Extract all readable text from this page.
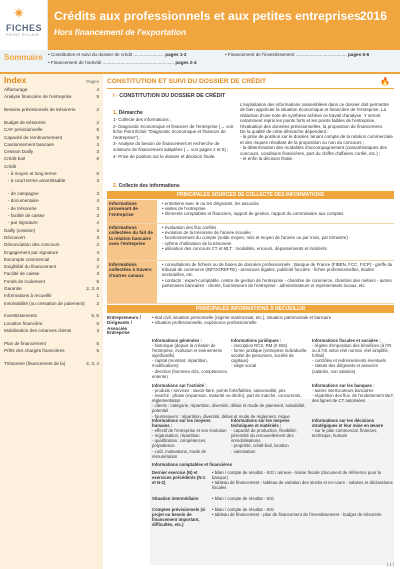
✷
FICHES
POINT ÉCLAIR
Crédits aux professionnels et aux petites entreprises 2016
Hors financement de l'exportation
Sommaire • Constitution et suivi du dossier de crédit ........................ pages 1-2
• Financement de l'activité ........................................................ pages 2-4
• Financement de l'investissement ........................................ pages 5-6
Index	Pages
Affacturage	4
Analyse financière de l'entreprise	5
Besoins prévisionnels de trésorerie	2
Budget de trésorerie	2
CAF prévisionnelle	5
Capacité de remboursement	5
Cautionnement bancaire	4
Cession Dailly	3
Crédit-bail	6
Crédit
- à moyen et long terme	6
- à court terme amortissable	3
- de campagne	3
- documentaire	4
- de trésorerie	3
- facilité de caisse	3
- par signature	4
Dailly (cession)	3
Découvert	3
Dénonciation des concours	2
Engagement par signature	4
Escompte commercial	3
Exigibilité du financement	2
Facilité de caisse	3
Fonds de roulement	5
Garantie	2, 3, 6
Informations à recueillir	1
Insolvabilité (ou cessation de paiement)	2
Investissements	5, 6
Location financière	6
Mobilisation des créances clients	3
Plan de financement	5
Prêts des chargés financières	5
Trésorerie (financement de la)	2, 3, 4
CONSTITUTION ET SUIVI DU DOSSIER DE CRÉDIT	🔥
I - CONSTITUTION DU DOSSIER DE CRÉDIT
1. Démarche
1- Collecte des informations ;
2- Diagnostic économique et financier de l'entreprise (→ voir fiche Point Éclair "Diagnostic économique et financier de l'entreprise") ;
3- Analyse du besoin de financement et recherche de solutions de financement adaptées (→ voir pages 2 et 5) ;
4- Prise de position sur le dossier et décision finale.
L'exploitation des informations rassemblées dans ce dossier doit permettre de bien apprécier la situation économique et financière de l'entreprise. La rédaction d'une note de synthèse achève ce travail d'analyse. Y seront notamment repris les points forts et les points faibles de l'entreprise, l'évaluation des données prévisionnelles, la proposition de financement.
De la qualité de cette démarche dépendent :
- la prise de position sur le dossier, tenant compte de la relation commerciale et des risques résultant de la proposition ou non du concours ;
- la détermination des modalités d'accompagnement (caractéristiques des concours, conditions financières, part du chiffre d'affaires confié, etc.) ;
- et enfin la décision finale.
2. Collecte des informations
PRINCIPALES SOURCES DE COLLECTE DES INFORMATIONS
Informations provenant de l'entreprise
• entretiens avec le ou les dirigeants, les associés
• visites de l'entreprise
• éléments comptables et financiers, rapport de gestion, rapport du commissaire aux comptes
Informations collectées du fait de la relation bancaire avec l'entreprise
• évaluation des flux confiés
• évolution de la trésorerie de l'année écoulée :
- fonctionnement du compte (solde moyen, mini et moyen de l'année ou par mois, par trimestre)
- rythme d'utilisation de la trésorerie
• utilisation des concours CT et MLT : modalités, encours, dépassements et incidents
Informations collectées à travers d'autres canaux
• consultations de fichiers ou de bases de données professionnels : Banque de France (FIBEN, FCC, FICP) - greffe du tribunal de commerce (INFOGREFFE) - annonces légales, publicité foncière - fiches professionnelles, études sectorielles, etc.
• contacts : expert-comptable, centre de gestion de l'entreprise - chambre de commerce, chambre des métiers - autres partenaires bancaires - clients, fournisseurs de l'entreprise - administrateurs et représentants locaux, etc.
PRINCIPALES INFORMATIONS À RECUEILLIR
Entrepreneurs / Dirigeants / Associés
• état civil, situation personnelle (régime matrimonial, etc.), situation patrimoniale et bancaire
• situation professionnelle, expérience professionnelle
Entreprise
Informations générales :
- historique (depuis la création de l'entreprise, évolution et événements significatifs)
- capital (montant, répartition, modifications)
- direction (hommes clés, compétences, entente)
Informations juridiques :
- inscription RCS, RM (K BIS)
- forme juridique (entreprise individuelle, société de personnes, société de capitaux)
- siège social
Informations fiscales et sociales :
- régime d'imposition des bénéfices (à l'IR ou à l'IS selon réel normal, réel simplifié, forfait)
- contrôles et redressements éventuels
- statuts des dirigeants et associés (salariés, non salariés)
Informations sur l'activité :
- produits / services : savoir-faire, points forts/faibles, saisonnalité, prix
- marché : phase (expansion, maturité ou déclin), part de marché, concurrents, réglementation
- clients : catégorie, répartition, diversité, délais et mode de paiement, solvabilité, potentiel
- fournisseurs : répartition, diversité, délais et mode de règlement, risque
Informations sur les banques :
- autres interlocuteurs bancaires
- répartition des flux, de l'endettement MLT, des lignes de CT autorisées
Informations sur les moyens humains :
- effectif de l'entreprise et son évolution
- organisation, répartition
- qualification, compétences, polyvalence
- coût, motivations, mode de rémunération
Informations sur les moyens techniques et matériels :
- capacité de production, flexibilité, pérennité du renouvellement des immobilisations
- propriété, crédit-bail, location
- valorisation
Informations sur les décisions stratégiques et leur mise en œuvre
- sur le plan commercial, financier, technique, humain
Informations comptables et financières
Dernier exercice (N) et exercices précédents (N-1 et N-2)
• bilan / compte de résultat - SIG / annexe - liasse fiscale (document de référence pour la banque)
• tableau de financement - tableau de variation des stocks et en-cours - salaires et déclarations fiscales
Situation intermédiaire	• bilan / compte de résultat - SIG
Comptes prévisionnels (si projet ou besoin de financement important, difficultés, etc.)
• bilan / compte de résultat - SIG
• tableau de financement - plan de financement de l'investissement - budget de trésorerie
| 1 |
